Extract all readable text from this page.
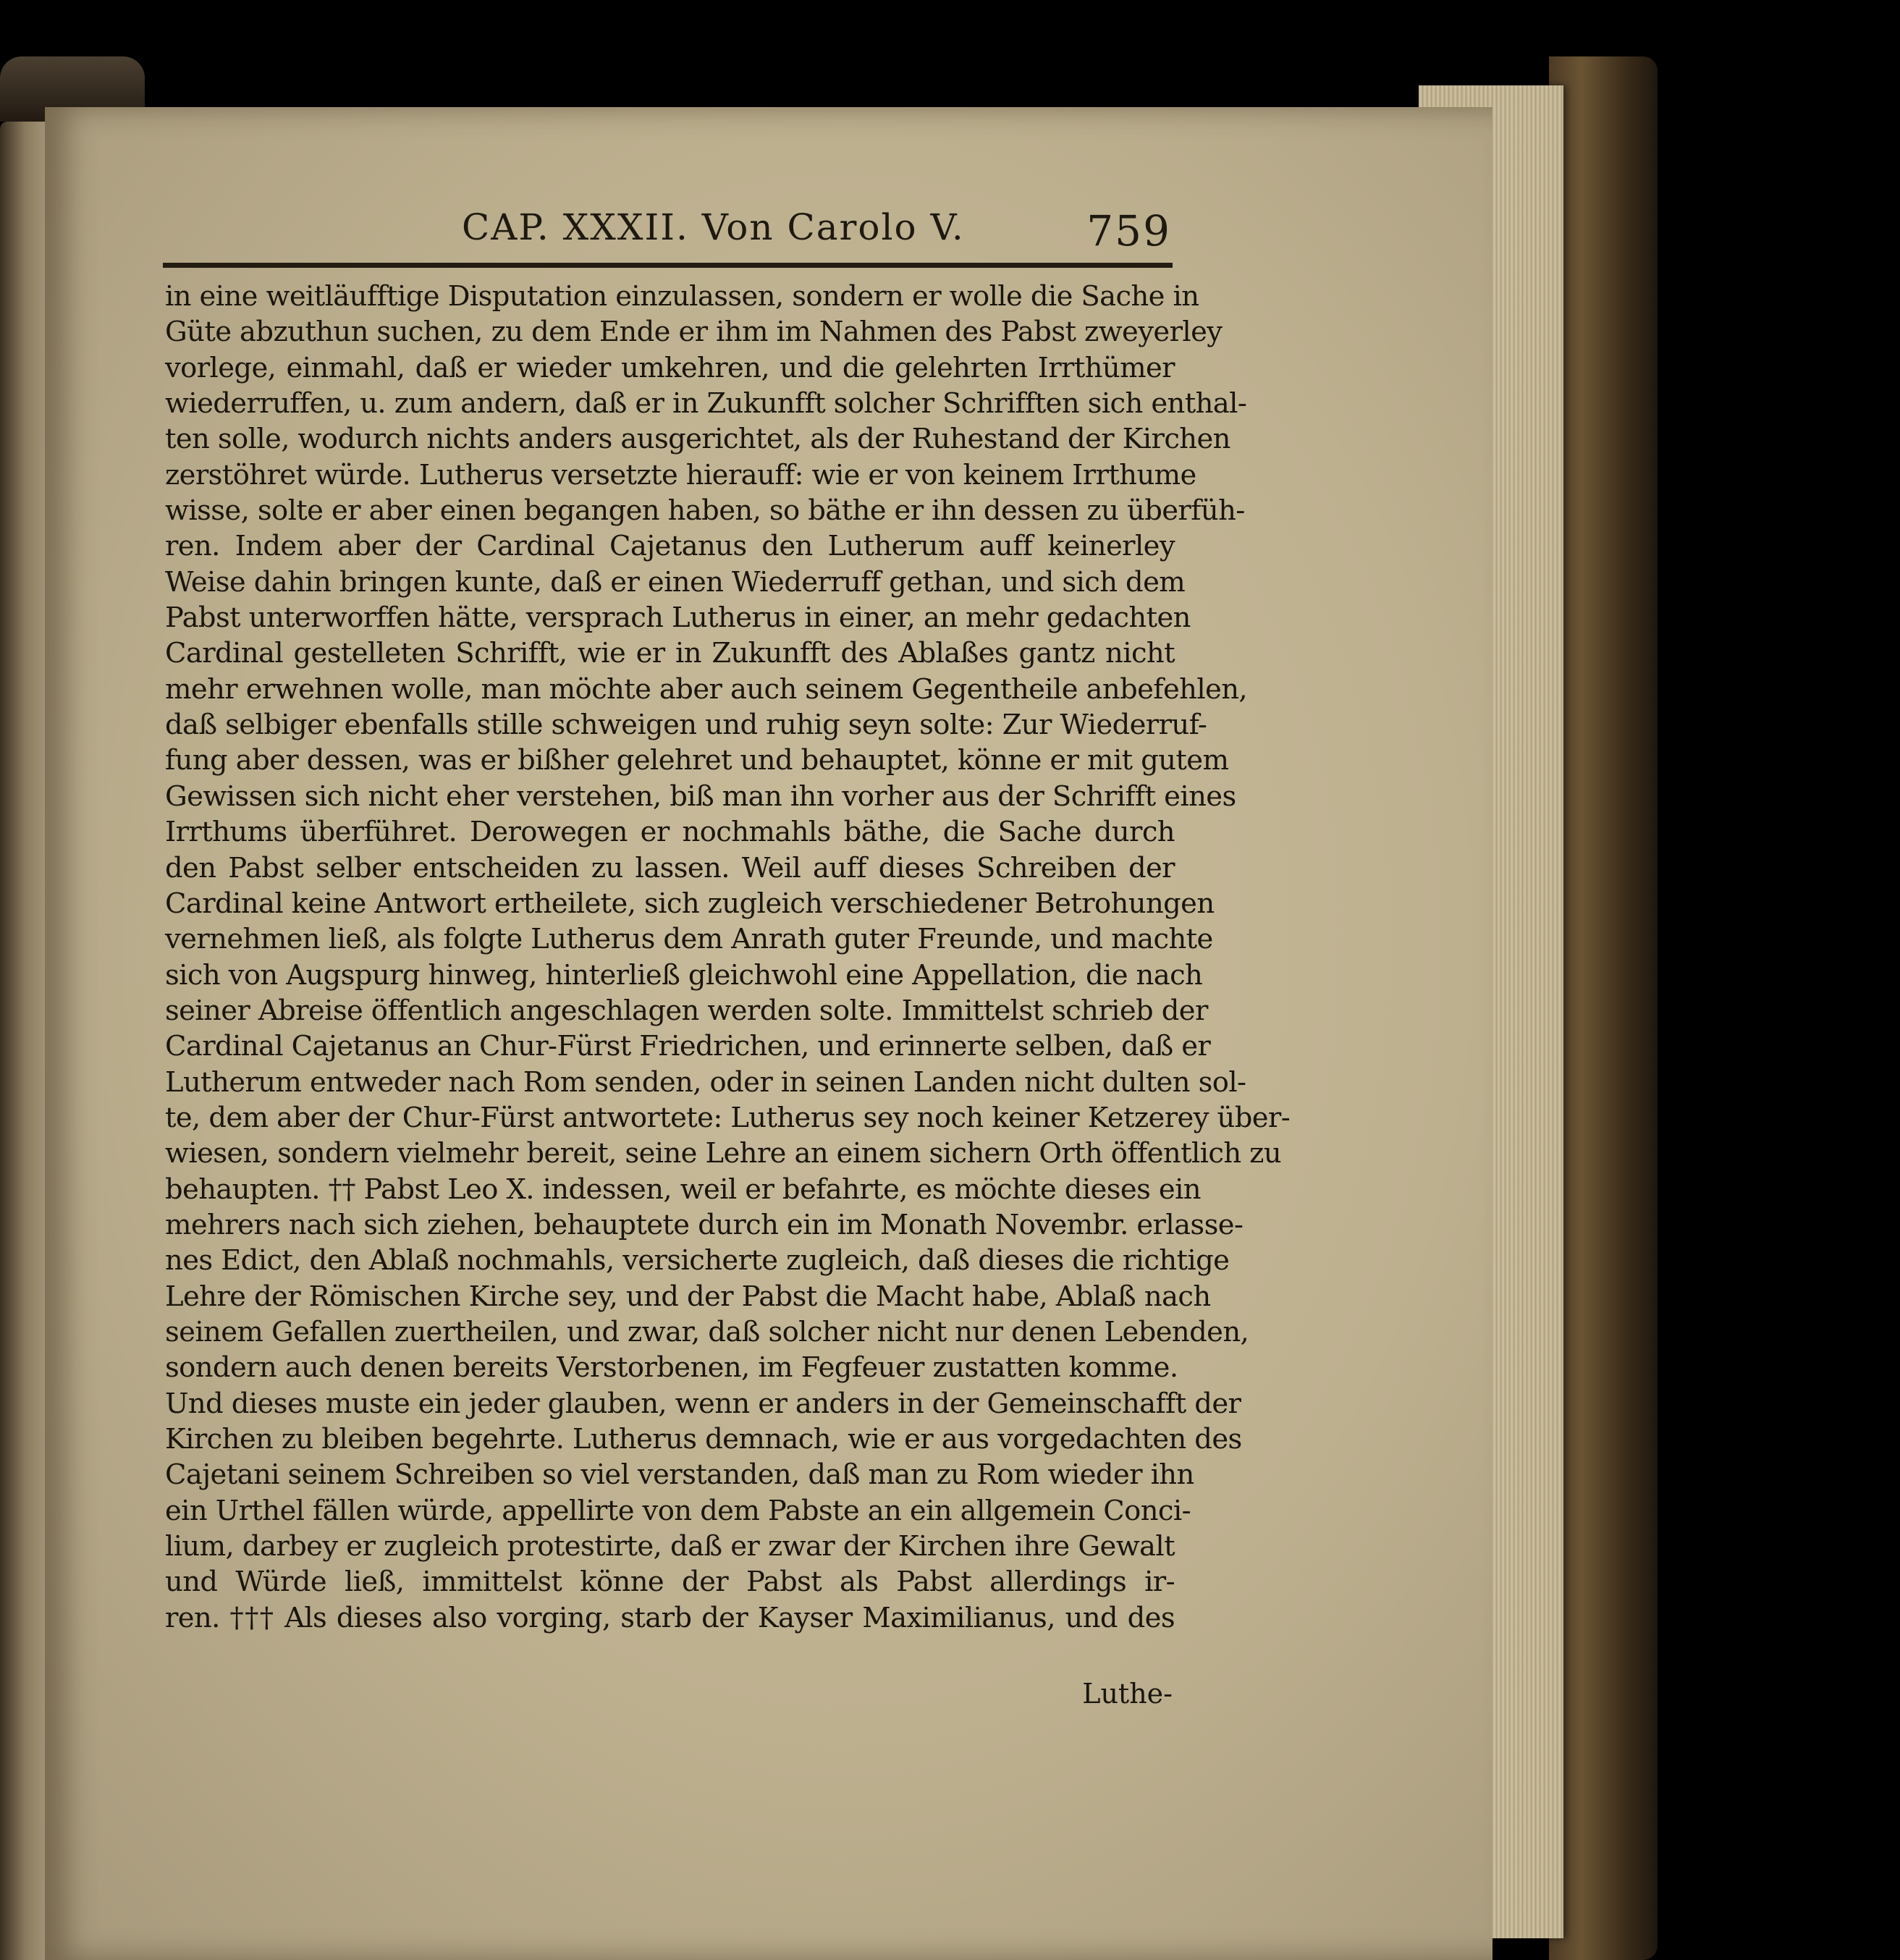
CAP. XXXII. Von Carolo V.	759
in eine weitläufftige Disputation einzulassen, sondern er wolle die Sache in
Güte abzuthun suchen, zu dem Ende er ihm im Nahmen des Pabst zweyerley
vorlege, einmahl, daß er wieder umkehren, und die gelehrten Irrthümer
wiederruffen, u. zum andern, daß er in Zukunfft solcher Schrifften sich enthal-
ten solle, wodurch nichts anders ausgerichtet, als der Ruhestand der Kirchen
zerstöhret würde. Lutherus versetzte hierauff: wie er von keinem Irrthume
wisse, solte er aber einen begangen haben, so bäthe er ihn dessen zu überfüh-
ren. Indem aber der Cardinal Cajetanus den Lutherum auff keinerley
Weise dahin bringen kunte, daß er einen Wiederruff gethan, und sich dem
Pabst unterworffen hätte, versprach Lutherus in einer, an mehr gedachten
Cardinal gestelleten Schrifft, wie er in Zukunfft des Ablaßes gantz nicht
mehr erwehnen wolle, man möchte aber auch seinem Gegentheile anbefehlen,
daß selbiger ebenfalls stille schweigen und ruhig seyn solte: Zur Wiederruf-
fung aber dessen, was er bißher gelehret und behauptet, könne er mit gutem
Gewissen sich nicht eher verstehen, biß man ihn vorher aus der Schrifft eines
Irrthums überführet. Derowegen er nochmahls bäthe, die Sache durch
den Pabst selber entscheiden zu lassen. Weil auff dieses Schreiben der
Cardinal keine Antwort ertheilete, sich zugleich verschiedener Betrohungen
vernehmen ließ, als folgte Lutherus dem Anrath guter Freunde, und machte
sich von Augspurg hinweg, hinterließ gleichwohl eine Appellation, die nach
seiner Abreise öffentlich angeschlagen werden solte. Immittelst schrieb der
Cardinal Cajetanus an Chur-Fürst Friedrichen, und erinnerte selben, daß er
Lutherum entweder nach Rom senden, oder in seinen Landen nicht dulten sol-
te, dem aber der Chur-Fürst antwortete: Lutherus sey noch keiner Ketzerey über-
wiesen, sondern vielmehr bereit, seine Lehre an einem sichern Orth öffentlich zu
behaupten. †† Pabst Leo X. indessen, weil er befahrte, es möchte dieses ein
mehrers nach sich ziehen, behauptete durch ein im Monath Novembr. erlasse-
nes Edict, den Ablaß nochmahls, versicherte zugleich, daß dieses die richtige
Lehre der Römischen Kirche sey, und der Pabst die Macht habe, Ablaß nach
seinem Gefallen zuertheilen, und zwar, daß solcher nicht nur denen Lebenden,
sondern auch denen bereits Verstorbenen, im Fegfeuer zustatten komme.
Und dieses muste ein jeder glauben, wenn er anders in der Gemeinschafft der
Kirchen zu bleiben begehrte. Lutherus demnach, wie er aus vorgedachten des
Cajetani seinem Schreiben so viel verstanden, daß man zu Rom wieder ihn
ein Urthel fällen würde, appellirte von dem Pabste an ein allgemein Conci-
lium, darbey er zugleich protestirte, daß er zwar der Kirchen ihre Gewalt
und Würde ließ, immittelst könne der Pabst als Pabst allerdings ir-
ren. ††† Als dieses also vorging, starb der Kayser Maximilianus, und des
Luthe-
